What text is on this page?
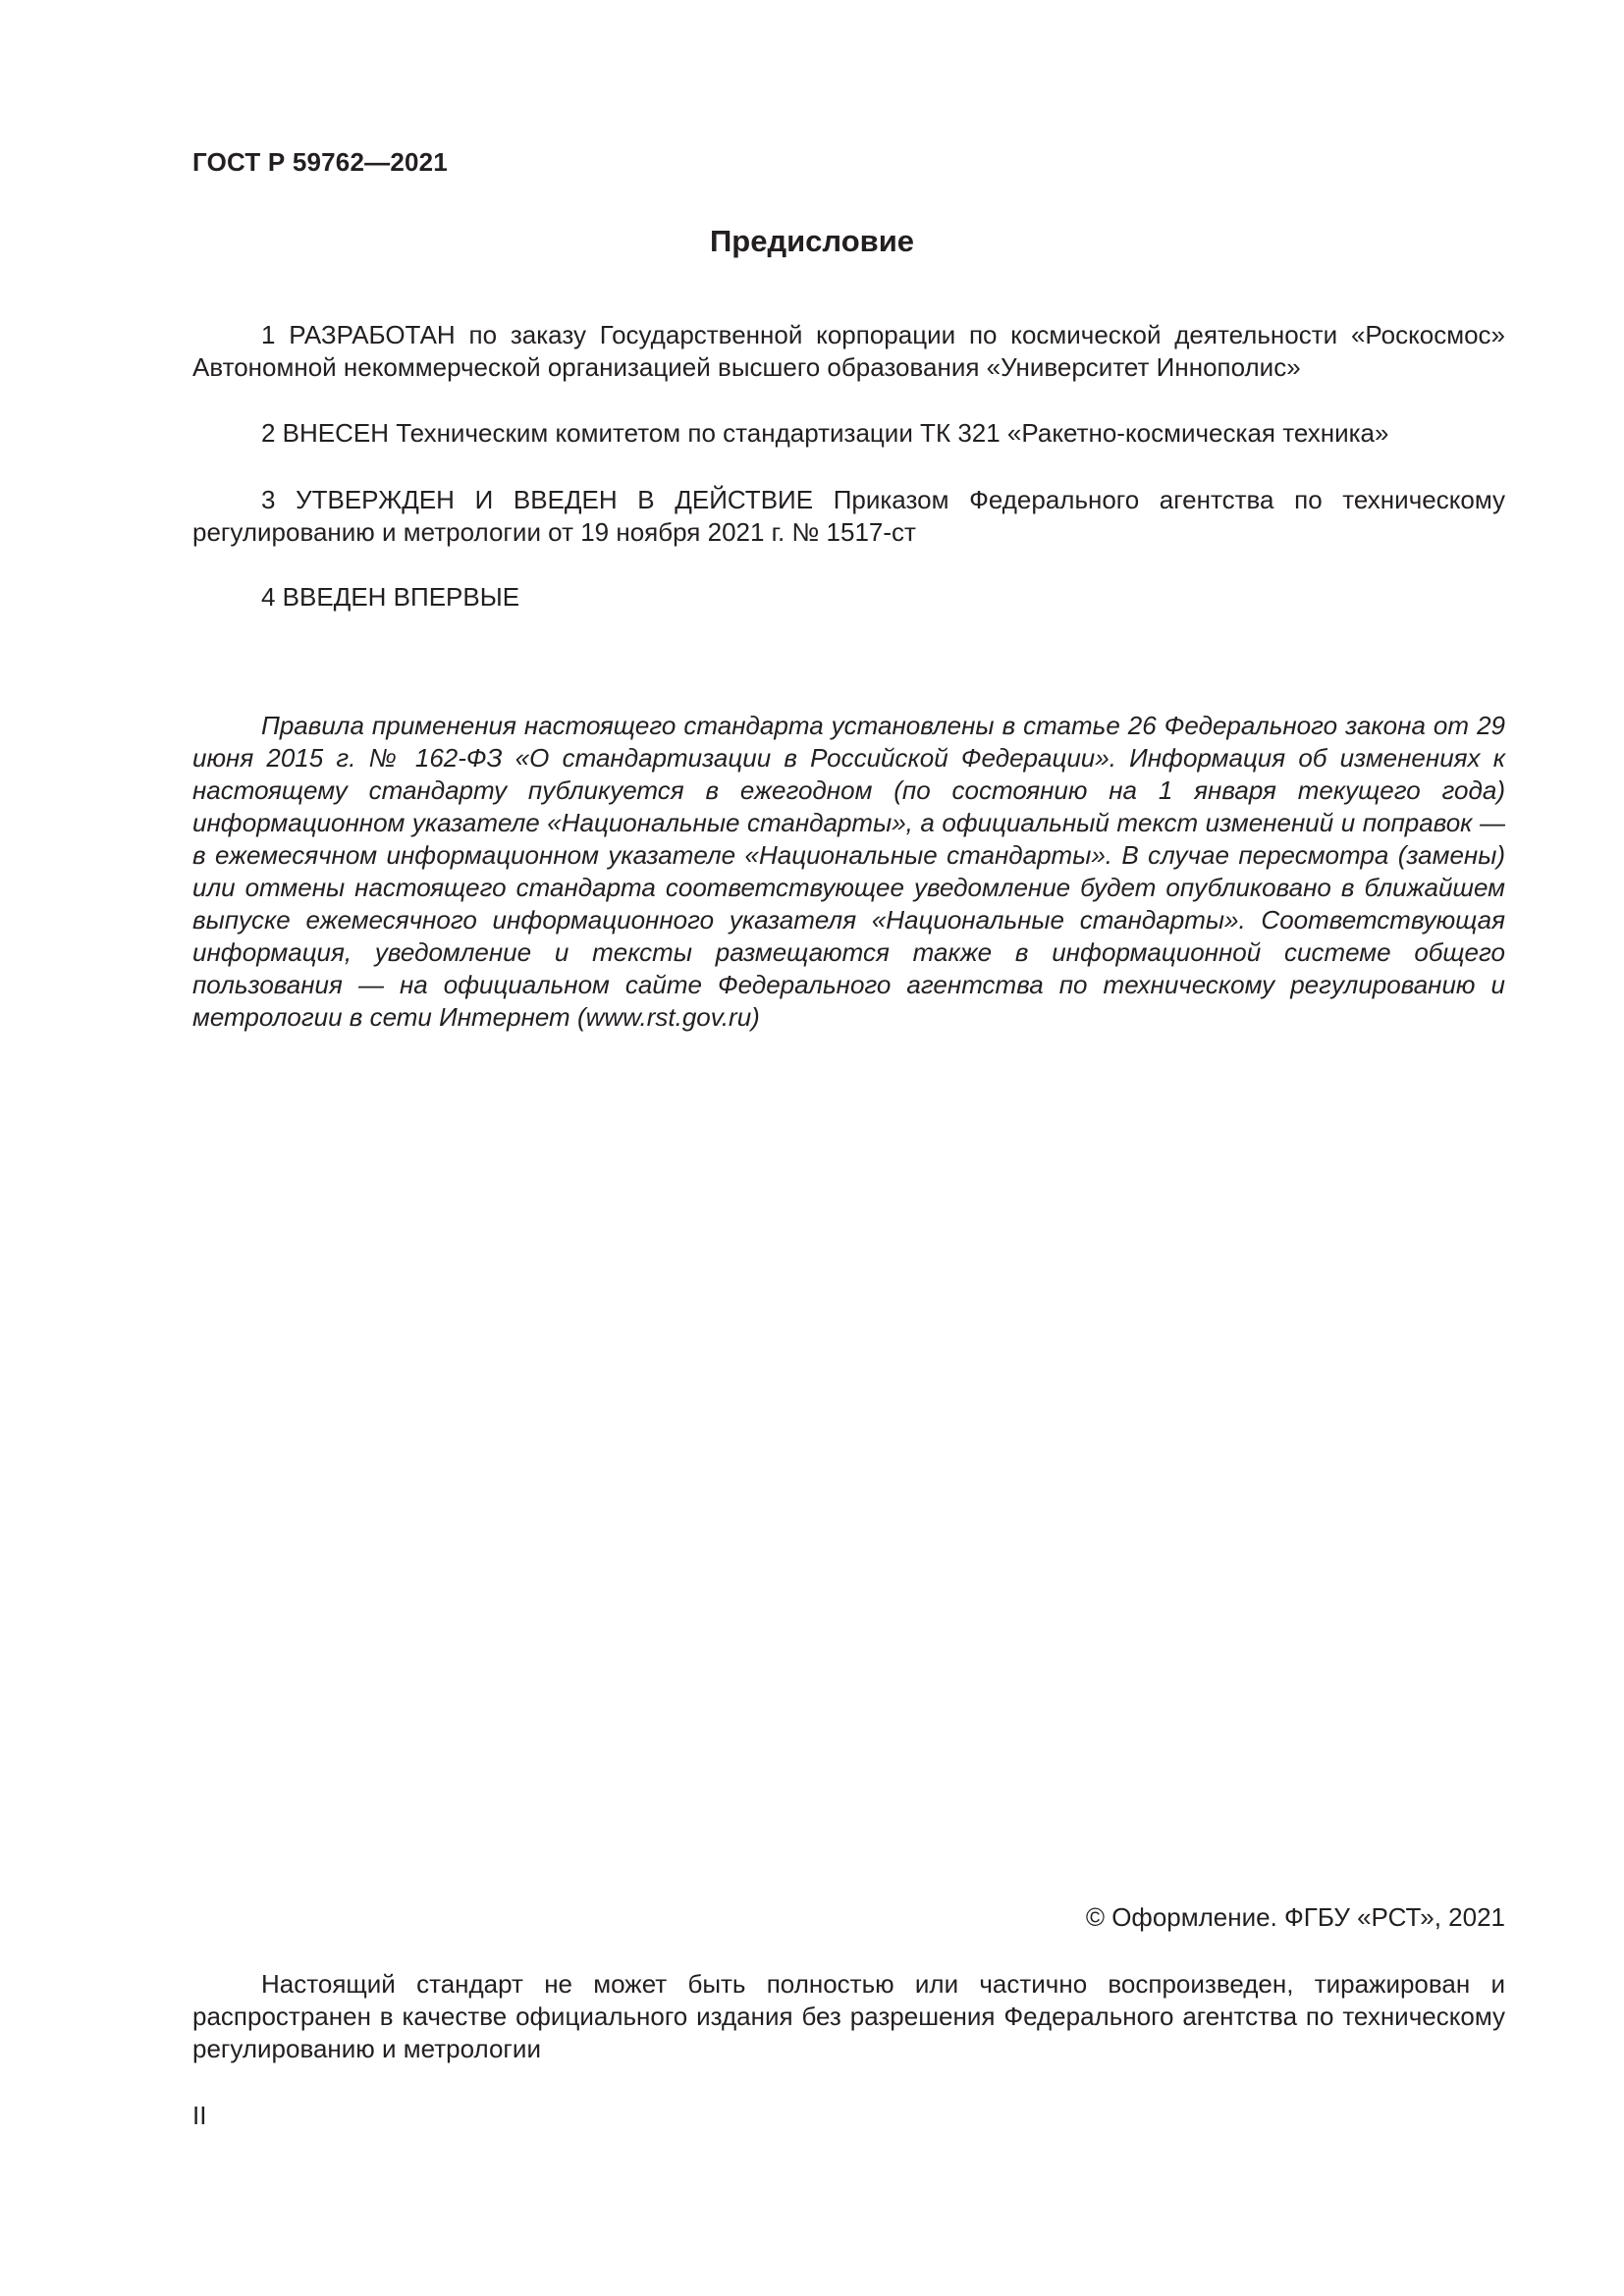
ГОСТ Р 59762—2021
Предисловие

1 РАЗРАБОТАН по заказу Государственной корпорации по космической деятельности «Роскосмос» Автономной некоммерческой организацией высшего образования «Университет Иннополис»

2 ВНЕСЕН Техническим комитетом по стандартизации ТК 321 «Ракетно-космическая техника»

3 УТВЕРЖДЕН И ВВЕДЕН В ДЕЙСТВИЕ Приказом Федерального агентства по техническому регулированию и метрологии от 19 ноября 2021 г. № 1517-ст

4 ВВЕДЕН ВПЕРВЫЕ

Правила применения настоящего стандарта установлены в статье 26 Федерального закона от 29 июня 2015 г. № 162-ФЗ «О стандартизации в Российской Федерации». Информация об изменениях к настоящему стандарту публикуется в ежегодном (по состоянию на 1 января текущего года) информационном указателе «Национальные стандарты», а официальный текст изменений и поправок — в ежемесячном информационном указателе «Национальные стандарты». В случае пересмотра (замены) или отмены настоящего стандарта соответствующее уведомление будет опубликовано в ближайшем выпуске ежемесячного информационного указателя «Национальные стандарты». Соответствующая информация, уведомление и тексты размещаются также в информационной системе общего пользования — на официальном сайте Федерального агентства по техническому регулированию и метрологии в сети Интернет (www.rst.gov.ru)

© Оформление. ФГБУ «РСТ», 2021

Настоящий стандарт не может быть полностью или частично воспроизведен, тиражирован и распространен в качестве официального издания без разрешения Федерального агентства по техническому регулированию и метрологии

II
